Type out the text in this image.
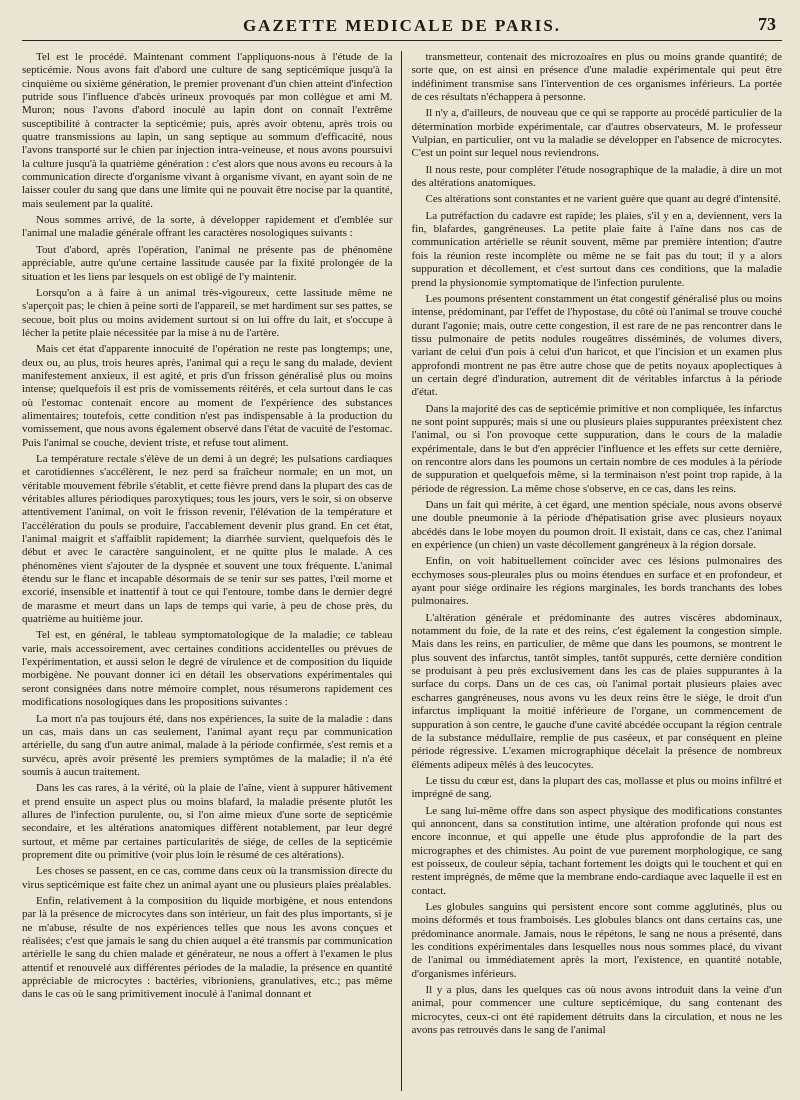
GAZETTE MEDICALE DE PARIS.	73

Tel est le procédé. Maintenant comment l'appliquons-nous à l'étude de la septicémie. Nous avons fait d'abord une culture de sang septicémique jusqu'à la cinquième ou sixième génération, le premier provenant d'un chien atteint d'infection putride sous l'influence d'abcès urineux provoqués par mon collègue et ami M. Muron; nous l'avons d'abord inoculé au lapin dont on connaît l'extrême susceptibilité à contracter la septicémie; puis, après avoir obtenu, après trois ou quatre transmissions au lapin, un sang septique au sommum d'efficacité, nous l'avons transporté sur le chien par injection intra-veineuse, et nous avons poursuivi la culture jusqu'à la quatrième génération : c'est alors que nous avons eu recours à la communication directe d'organisme vivant à organisme vivant, en ayant soin de ne laisser couler du sang que dans une limite qui ne pouvait être nocise par la quantité, mais seulement par la qualité.

Nous sommes arrivé, de la sorte, à développer rapidement et d'emblée sur l'animal une maladie générale offrant les caractères nosologiques suivants :

Tout d'abord, après l'opération, l'animal ne présente pas de phénomène appréciable, autre qu'une certaine lassitude causée par la fixité prolongée de la situation et les liens par lesquels on est obligé de l'y maintenir.

Lorsqu'on a à faire à un animal très-vigoureux, cette lassitude même ne s'aperçoit pas; le chien à peine sorti de l'appareil, se met hardiment sur ses pattes, se secoue, boit plus ou moins avidement surtout si on lui offre du lait, et s'occupe à lécher la petite plaie nécessitée par la mise à nu de l'artère.

Mais cet état d'apparente innocuité de l'opération ne reste pas longtemps; une, deux ou, au plus, trois heures après, l'animal qui a reçu le sang du malade, devient manifestement anxieux, il est agité, et pris d'un frisson généralisé plus ou moins intense; quelquefois il est pris de vomissements réitérés, et cela surtout dans le cas où l'estomac contenait encore au moment de l'expérience des substances alimentaires; toutefois, cette condition n'est pas indispensable à la production du vomissement, que nous avons également observé dans l'état de vacuité de l'estomac. Puis l'animal se couche, devient triste, et refuse tout aliment.

La température rectale s'élève de un demi à un degré; les pulsations cardiaques et carotidiennes s'accélèrent, le nez perd sa fraîcheur normale; en un mot, un véritable mouvement fébrile s'établit, et cette fièvre prend dans la plupart des cas de véritables allures périodiques paroxytiques; tous les jours, vers le soir, si on observe attentivement l'animal, on voit le frisson revenir, l'élévation de la température et l'accélération du pouls se produire, l'accablement devenir plus grand. En cet état, l'animal maigrit et s'affaiblit rapidement; la diarrhée survient, quelquefois dès le début et avec le caractère sanguinolent, et ne quitte plus le malade. A ces phénomènes vient s'ajouter de la dyspnée et souvent une toux fréquente. L'animal étendu sur le flanc et incapable désormais de se tenir sur ses pattes, l'œil morne et excorié, insensible et inattentif à tout ce qui l'entoure, tombe dans le dernier degré de marasme et meurt dans un laps de temps qui varie, à peu de chose près, du quatrième au huitième jour.

Tel est, en général, le tableau symptomatologique de la maladie; ce tableau varie, mais accessoirement, avec certaines conditions accidentelles ou prévues de l'expérimentation, et aussi selon le degré de virulence et de composition du liquide morbigène. Ne pouvant donner ici en détail les observations expérimentales qui seront consignées dans notre mémoire complet, nous résumerons rapidement ces modifications nosologiques dans les propositions suivantes :

La mort n'a pas toujours été, dans nos expériences, la suite de la maladie : dans un cas, mais dans un cas seulement, l'animal ayant reçu par communication artérielle, du sang d'un autre animal, malade à la période confirmée, s'est remis et a survécu, après avoir présenté les premiers symptômes de la maladie; il n'a été soumis à aucun traitement.

Dans les cas rares, à la vérité, où la plaie de l'aîne, vient à suppurer hâtivement et prend ensuite un aspect plus ou moins blafard, la maladie présente plutôt les allures de l'infection purulente, ou, si l'on aime mieux d'une sorte de septicémie secondaire, et les altérations anatomiques diffèrent notablement, par leur degré surtout, et même par certaines particularités de siége, de celles de la septicémie proprement dite ou primitive (voir plus loin le résumé de ces altérations).

Les choses se passent, en ce cas, comme dans ceux où la transmission directe du virus septicémique est faite chez un animal ayant une ou plusieurs plaies préalables.

Enfin, relativement à la composition du liquide morbigène, et nous entendons par là la présence de microcytes dans son intérieur, un fait des plus importants, si je ne m'abuse, résulte de nos expériences telles que nous les avons conçues et réalisées; c'est que jamais le sang du chien auquel a été transmis par communication artérielle le sang du chien malade et générateur, ne nous a offert à l'examen le plus attentif et renouvelé aux différentes périodes de la maladie, la présence en quantité appréciable de microcytes : bactéries, vibrioniens, granulatives, etc.; pas même dans le cas où le sang primitivement inoculé à l'animal donnant et

transmetteur, contenait des microzoaires en plus ou moins grande quantité; de sorte que, on est ainsi en présence d'une maladie expérimentale qui peut être indéfiniment transmise sans l'intervention de ces organismes inférieurs. La portée de ces résultats n'échappera à personne.

Il n'y a, d'ailleurs, de nouveau que ce qui se rapporte au procédé particulier de la détermination morbide expérimentale, car d'autres observateurs, M. le professeur Vulpian, en particulier, ont vu la maladie se développer en l'absence de microcytes. C'est un point sur lequel nous reviendrons.

Il nous reste, pour compléter l'étude nosographique de la maladie, à dire un mot des altérations anatomiques.

Ces altérations sont constantes et ne varient guère que quant au degré d'intensité.

La putréfaction du cadavre est rapide; les plaies, s'il y en a, deviennent, vers la fin, blafardes, gangréneuses. La petite plaie faite à l'aîne dans nos cas de communication artérielle se réunit souvent, même par première intention; d'autre fois la réunion reste incomplète ou même ne se fait pas du tout; il y a alors suppuration et décollement, et c'est surtout dans ces conditions, que la maladie prend la physionomie symptomatique de l'infection purulente.

Les poumons présentent constamment un état congestif généralisé plus ou moins intense, prédominant, par l'effet de l'hypostase, du côté où l'animal se trouve couché durant l'agonie; mais, outre cette congestion, il est rare de ne pas rencontrer dans le tissu pulmonaire de petits nodules rougeâtres disséminés, de volumes divers, variant de celui d'un pois à celui d'un haricot, et que l'incision et un examen plus approfondi montrent ne pas être autre chose que de petits noyaux apoplectiques à un certain degré d'induration, autrement dit de véritables infarctus à la période d'état.

Dans la majorité des cas de septicémie primitive et non compliquée, les infarctus ne sont point suppurés; mais si une ou plusieurs plaies suppurantes préexistent chez l'animal, ou si l'on provoque cette suppuration, dans le cours de la maladie expérimentale, dans le but d'en apprécier l'influence et les effets sur cette dernière, on rencontre alors dans les poumons un certain nombre de ces modules à la période de suppuration et quelquefois même, si la terminaison n'est point trop rapide, à la période de régression. La même chose s'observe, en ce cas, dans les reins.

Dans un fait qui mérite, à cet égard, une mention spéciale, nous avons observé une double pneumonie à la période d'hépatisation grise avec plusieurs noyaux abcédés dans le lobe moyen du poumon droit. Il existait, dans ce cas, chez l'animal en expérience (un chien) un vaste décollement gangréneux à la région dorsale.

Enfin, on voit habituellement coïncider avec ces lésions pulmonaires des ecchymoses sous-pleurales plus ou moins étendues en surface et en profondeur, et ayant pour siége ordinaire les régions marginales, les bords tranchants des lobes pulmonaires.

L'altération générale et prédominante des autres viscères abdominaux, notamment du foie, de la rate et des reins, c'est également la congestion simple. Mais dans les reins, en particulier, de même que dans les poumons, se montrent le plus souvent des infarctus, tantôt simples, tantôt suppurés, cette dernière condition se produisant à peu près exclusivement dans les cas de plaies suppurantes à la surface du corps. Dans un de ces cas, où l'animal portait plusieurs plaies avec escharres gangréneuses, nous avons vu les deux reins être le siége, le droit d'un infarctus impliquant la moitié inférieure de l'organe, un commencement de suppuration à son centre, le gauche d'une cavité abcédée occupant la région centrale de la substance médullaire, remplie de pus caséeux, et par conséquent en pleine période régressive. L'examen micrographique décelait la présence de nombreux éléments adipeux mêlés à des leucocytes.

Le tissu du cœur est, dans la plupart des cas, mollasse et plus ou moins infiltré et imprégné de sang.

Le sang lui-même offre dans son aspect physique des modifications constantes qui annoncent, dans sa constitution intime, une altération profonde qui nous est encore inconnue, et qui appelle une étude plus approfondie de la part des micrographes et des chimistes. Au point de vue purement morphologique, ce sang est poisseux, de couleur sépia, tachant fortement les doigts qui le touchent et qui en restent imprégnés, de même que la membrane endo-cardiaque avec laquelle il est en contact.

Les globules sanguins qui persistent encore sont comme agglutinés, plus ou moins déformés et tous framboisés. Les globules blancs ont dans certains cas, une prédominance anormale. Jamais, nous le répétons, le sang ne nous a présenté, dans les conditions expérimentales dans lesquelles nous nous sommes placé, du vivant de l'animal ou immédiatement après la mort, l'existence, en quantité notable, d'organismes inférieurs.

Il y a plus, dans les quelques cas où nous avons introduit dans la veine d'un animal, pour commencer une culture septicémique, du sang contenant des microcytes, ceux-ci ont été rapidement détruits dans la circulation, et nous ne les avons pas retrouvés dans le sang de l'animal
